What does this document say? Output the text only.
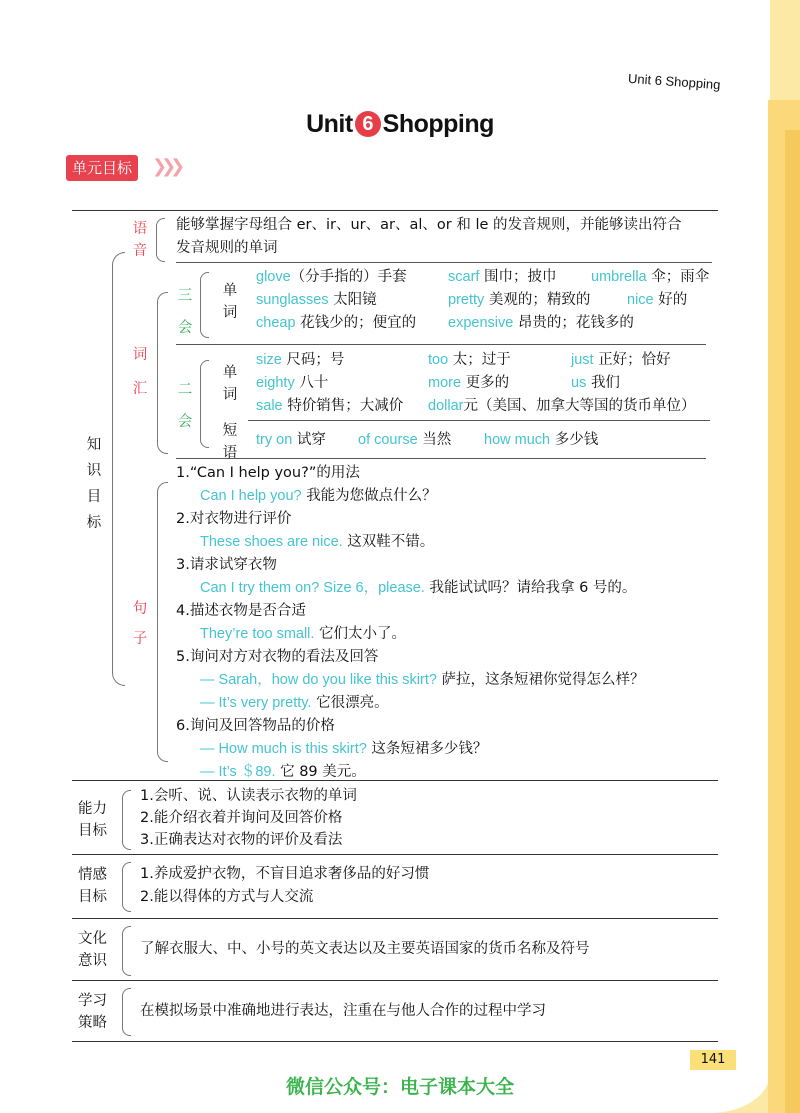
Unit 6 Shopping
Unit 6 Shopping
单元目标	❯❯❯
知
识
目
标
语
音
能够掌握字母组合 er、ir、ur、ar、al、or 和 le 的发音规则，并能够读出符合
发音规则的单词
词
汇
三
会
单
词
glove（分手指的）手套	scarf 围巾；披巾 umbrella 伞；雨伞
sunglasses 太阳镜	pretty 美观的；精致的	nice 好的
cheap 花钱少的；便宜的 expensive 昂贵的；花钱多的
二
会
单
词
短
语
size 尺码；号	too 太；过于	just 正好；恰好
eighty 八十	more 更多的	us 我们
sale 特价销售；大减价 dollar元（美国、加拿大等国的货币单位）
try on 试穿 of course 当然 how much 多少钱
句
子
1.“Can I help you?”的用法
Can I help you? 我能为您做点什么？
2.对衣物进行评价
These shoes are nice. 这双鞋不错。
3.请求试穿衣物
Can I try them on? Size 6，please. 我能试试吗？请给我拿 6 号的。
4.描述衣物是否合适
They’re too small. 它们太小了。
5.询问对方对衣物的看法及回答
— Sarah，how do you like this skirt? 萨拉，这条短裙你觉得怎么样？
— It’s very pretty. 它很漂亮。
6.询问及回答物品的价格
— How much is this skirt? 这条短裙多少钱？
— It’s ＄89. 它 89 美元。
能力
目标
1.会听、说、认读表示衣物的单词
2.能介绍衣着并询问及回答价格
3.正确表达对衣物的评价及看法
情感
目标
1.养成爱护衣物，不盲目追求奢侈品的好习惯
2.能以得体的方式与人交流
文化
意识
了解衣服大、中、小号的英文表达以及主要英语国家的货币名称及符号
学习
策略
在模拟场景中准确地进行表达，注重在与他人合作的过程中学习
141
微信公众号：电子课本大全
